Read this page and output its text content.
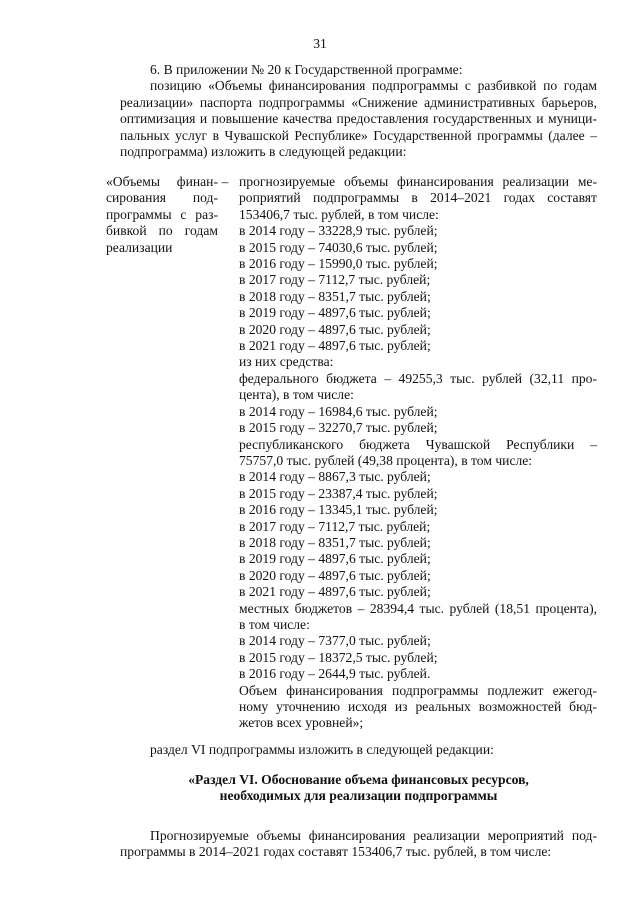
31
6. В приложении № 20 к Государственной программе:
позицию «Объемы финансирования подпрограммы с разбивкой по годам
реализации» паспорта подпрограммы «Снижение административных барьеров,
оптимизация и повышение качества предоставления государственных и муници-
пальных услуг в Чувашской Республике» Государственной программы (далее –
подпрограмма) изложить в следующей редакции:
«Объемы финан-
сирования под-
программы с раз-
бивкой по годам
реализации
– прогнозируемые объемы финансирования реализации ме-
роприятий подпрограммы в 2014–2021 годах составят
153406,7 тыс. рублей, в том числе:
в 2014 году – 33228,9 тыс. рублей;
в 2015 году – 74030,6 тыс. рублей;
в 2016 году – 15990,0 тыс. рублей;
в 2017 году – 7112,7 тыс. рублей;
в 2018 году – 8351,7 тыс. рублей;
в 2019 году – 4897,6 тыс. рублей;
в 2020 году – 4897,6 тыс. рублей;
в 2021 году – 4897,6 тыс. рублей;
из них средства:
федерального бюджета – 49255,3 тыс. рублей (32,11 про-
цента), в том числе:
в 2014 году – 16984,6 тыс. рублей;
в 2015 году – 32270,7 тыс. рублей;
республиканского бюджета Чувашской Республики –
75757,0 тыс. рублей (49,38 процента), в том числе:
в 2014 году – 8867,3 тыс. рублей;
в 2015 году – 23387,4 тыс. рублей;
в 2016 году – 13345,1 тыс. рублей;
в 2017 году – 7112,7 тыс. рублей;
в 2018 году – 8351,7 тыс. рублей;
в 2019 году – 4897,6 тыс. рублей;
в 2020 году – 4897,6 тыс. рублей;
в 2021 году – 4897,6 тыс. рублей;
местных бюджетов – 28394,4 тыс. рублей (18,51 процента),
в том числе:
в 2014 году – 7377,0 тыс. рублей;
в 2015 году – 18372,5 тыс. рублей;
в 2016 году – 2644,9 тыс. рублей.
Объем финансирования подпрограммы подлежит ежегод-
ному уточнению исходя из реальных возможностей бюд-
жетов всех уровней»;
раздел VI подпрограммы изложить в следующей редакции:
«Раздел VI. Обоснование объема финансовых ресурсов,
необходимых для реализации подпрограммы
Прогнозируемые объемы финансирования реализации мероприятий под-
программы в 2014–2021 годах составят 153406,7 тыс. рублей, в том числе:
